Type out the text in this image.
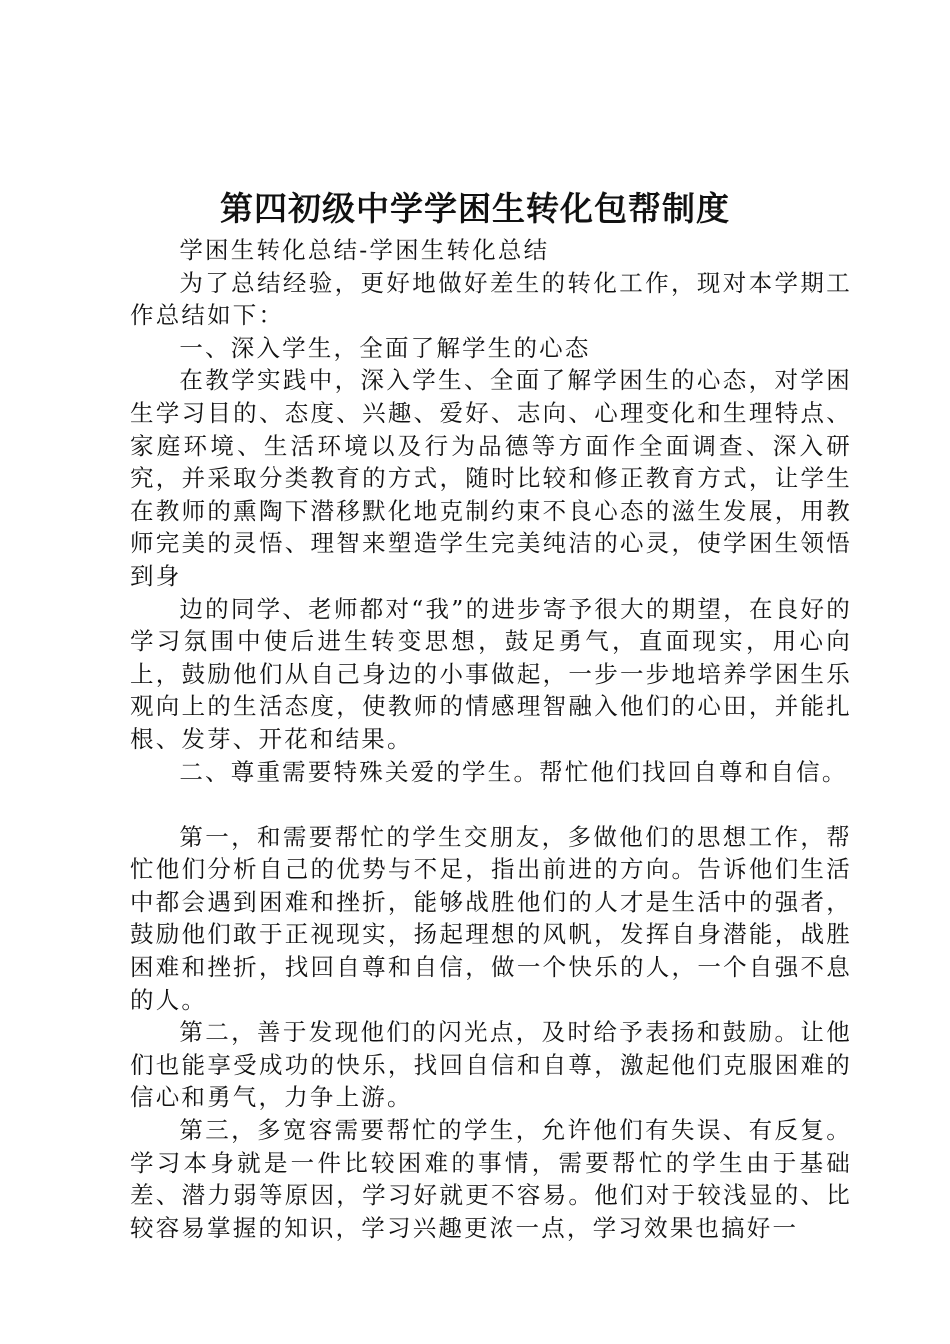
第四初级中学学困生转化包帮制度

学困生转化总结-学困生转化总结

为了总结经验，更好地做好差生的转化工作，现对本学期工作总结如下：

一、深入学生，全面了解学生的心态

在教学实践中，深入学生、全面了解学困生的心态，对学困生学习目的、态度、兴趣、爱好、志向、心理变化和生理特点、家庭环境、生活环境以及行为品德等方面作全面调查、深入研究，并采取分类教育的方式，随时比较和修正教育方式，让学生在教师的熏陶下潜移默化地克制约束不良心态的滋生发展，用教师完美的灵悟、理智来塑造学生完美纯洁的心灵，使学困生领悟到身

边的同学、老师都对“我”的进步寄予很大的期望，在良好的学习氛围中使后进生转变思想，鼓足勇气，直面现实，用心向上，鼓励他们从自己身边的小事做起，一步一步地培养学困生乐观向上的生活态度，使教师的情感理智融入他们的心田，并能扎根、发芽、开花和结果。

二、尊重需要特殊关爱的学生。帮忙他们找回自尊和自信。

第一，和需要帮忙的学生交朋友，多做他们的思想工作，帮忙他们分析自己的优势与不足，指出前进的方向。告诉他们生活中都会遇到困难和挫折，能够战胜他们的人才是生活中的强者，鼓励他们敢于正视现实，扬起理想的风帆，发挥自身潜能，战胜困难和挫折，找回自尊和自信，做一个快乐的人，一个自强不息的人。

第二，善于发现他们的闪光点，及时给予表扬和鼓励。让他们也能享受成功的快乐，找回自信和自尊，激起他们克服困难的信心和勇气，力争上游。

第三，多宽容需要帮忙的学生，允许他们有失误、有反复。学习本身就是一件比较困难的事情，需要帮忙的学生由于基础差、潜力弱等原因，学习好就更不容易。他们对于较浅显的、比较容易掌握的知识，学习兴趣更浓一点，学习效果也搞好一
